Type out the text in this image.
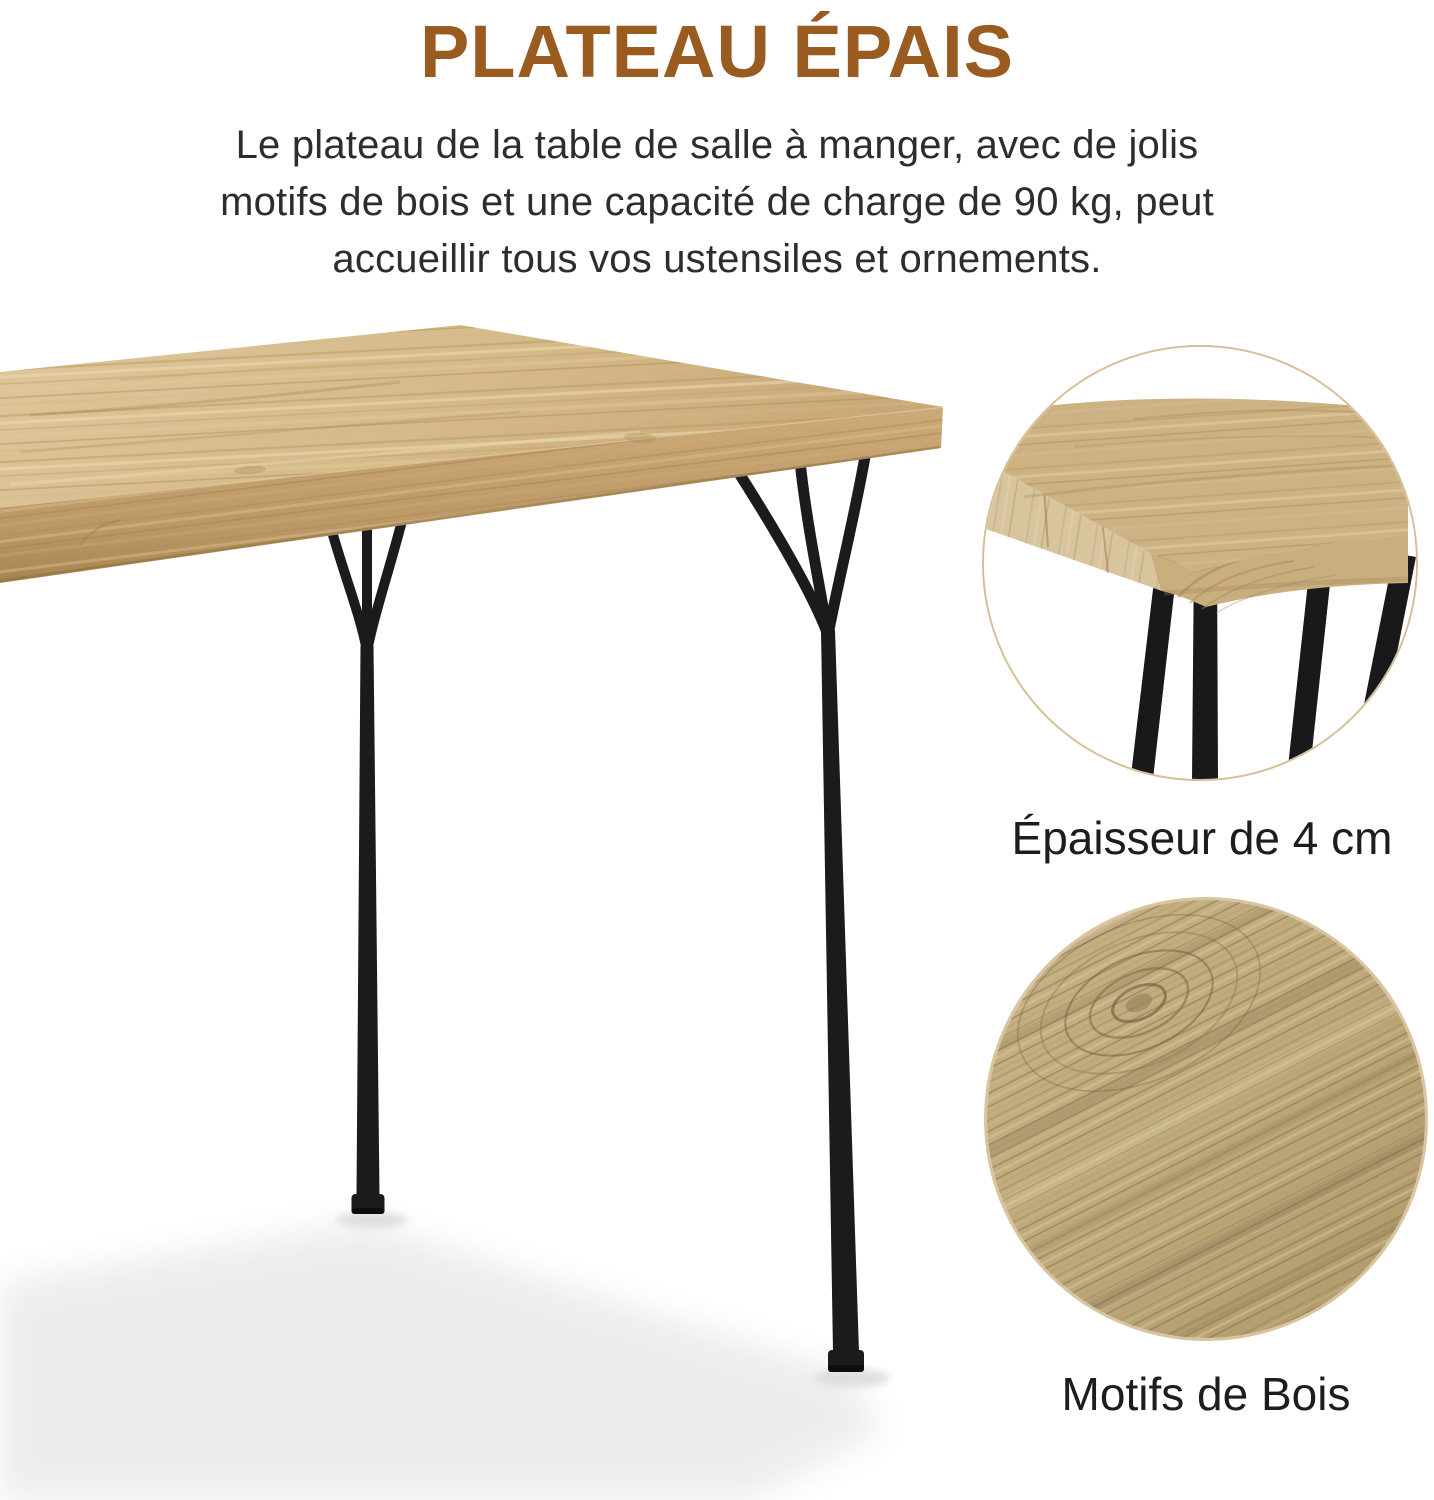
PLATEAU ÉPAIS
Le plateau de la table de salle à manger, avec de jolis
motifs de bois et une capacité de charge de 90 kg, peut
accueillir tous vos ustensiles et ornements.
Épaisseur de 4 cm
Motifs de Bois
